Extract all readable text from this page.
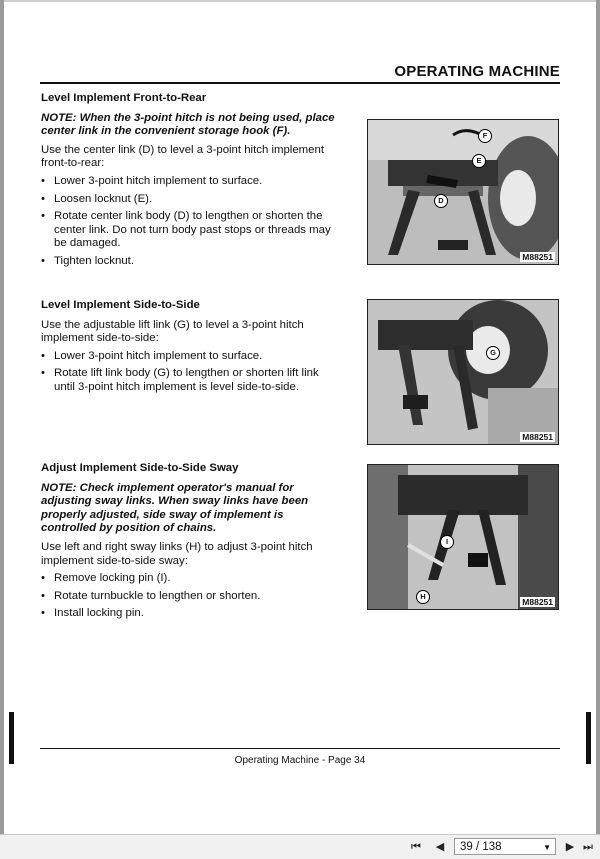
OPERATING MACHINE
Level Implement Front-to-Rear

NOTE: When the 3-point hitch is not being used, place center link in the convenient storage hook (F).

Use the center link (D) to level a 3-point hitch implement front-to-rear:

• Lower 3-point hitch implement to surface.
• Loosen locknut (E).
• Rotate center link body (D) to lengthen or shorten the center link. Do not turn body past stops or threads may be damaged.
• Tighten locknut.
F
E
D
M88251
Level Implement Side-to-Side

Use the adjustable lift link (G) to level a 3-point hitch implement side-to-side:

• Lower 3-point hitch implement to surface.
• Rotate lift link body (G) to lengthen or shorten lift link until 3-point hitch implement is level side-to-side.
G
M88251
Adjust Implement Side-to-Side Sway

NOTE: Check implement operator's manual for adjusting sway links. When sway links have been properly adjusted, side sway of implement is controlled by position of chains.

Use left and right sway links (H) to adjust 3-point hitch implement side-to-side sway:

• Remove locking pin (I).
• Rotate turnbuckle to lengthen or shorten.
• Install locking pin.
I
H
M88251
Operating Machine - Page 34
⏮	◀	39 / 138	▼	▶ ⏭
